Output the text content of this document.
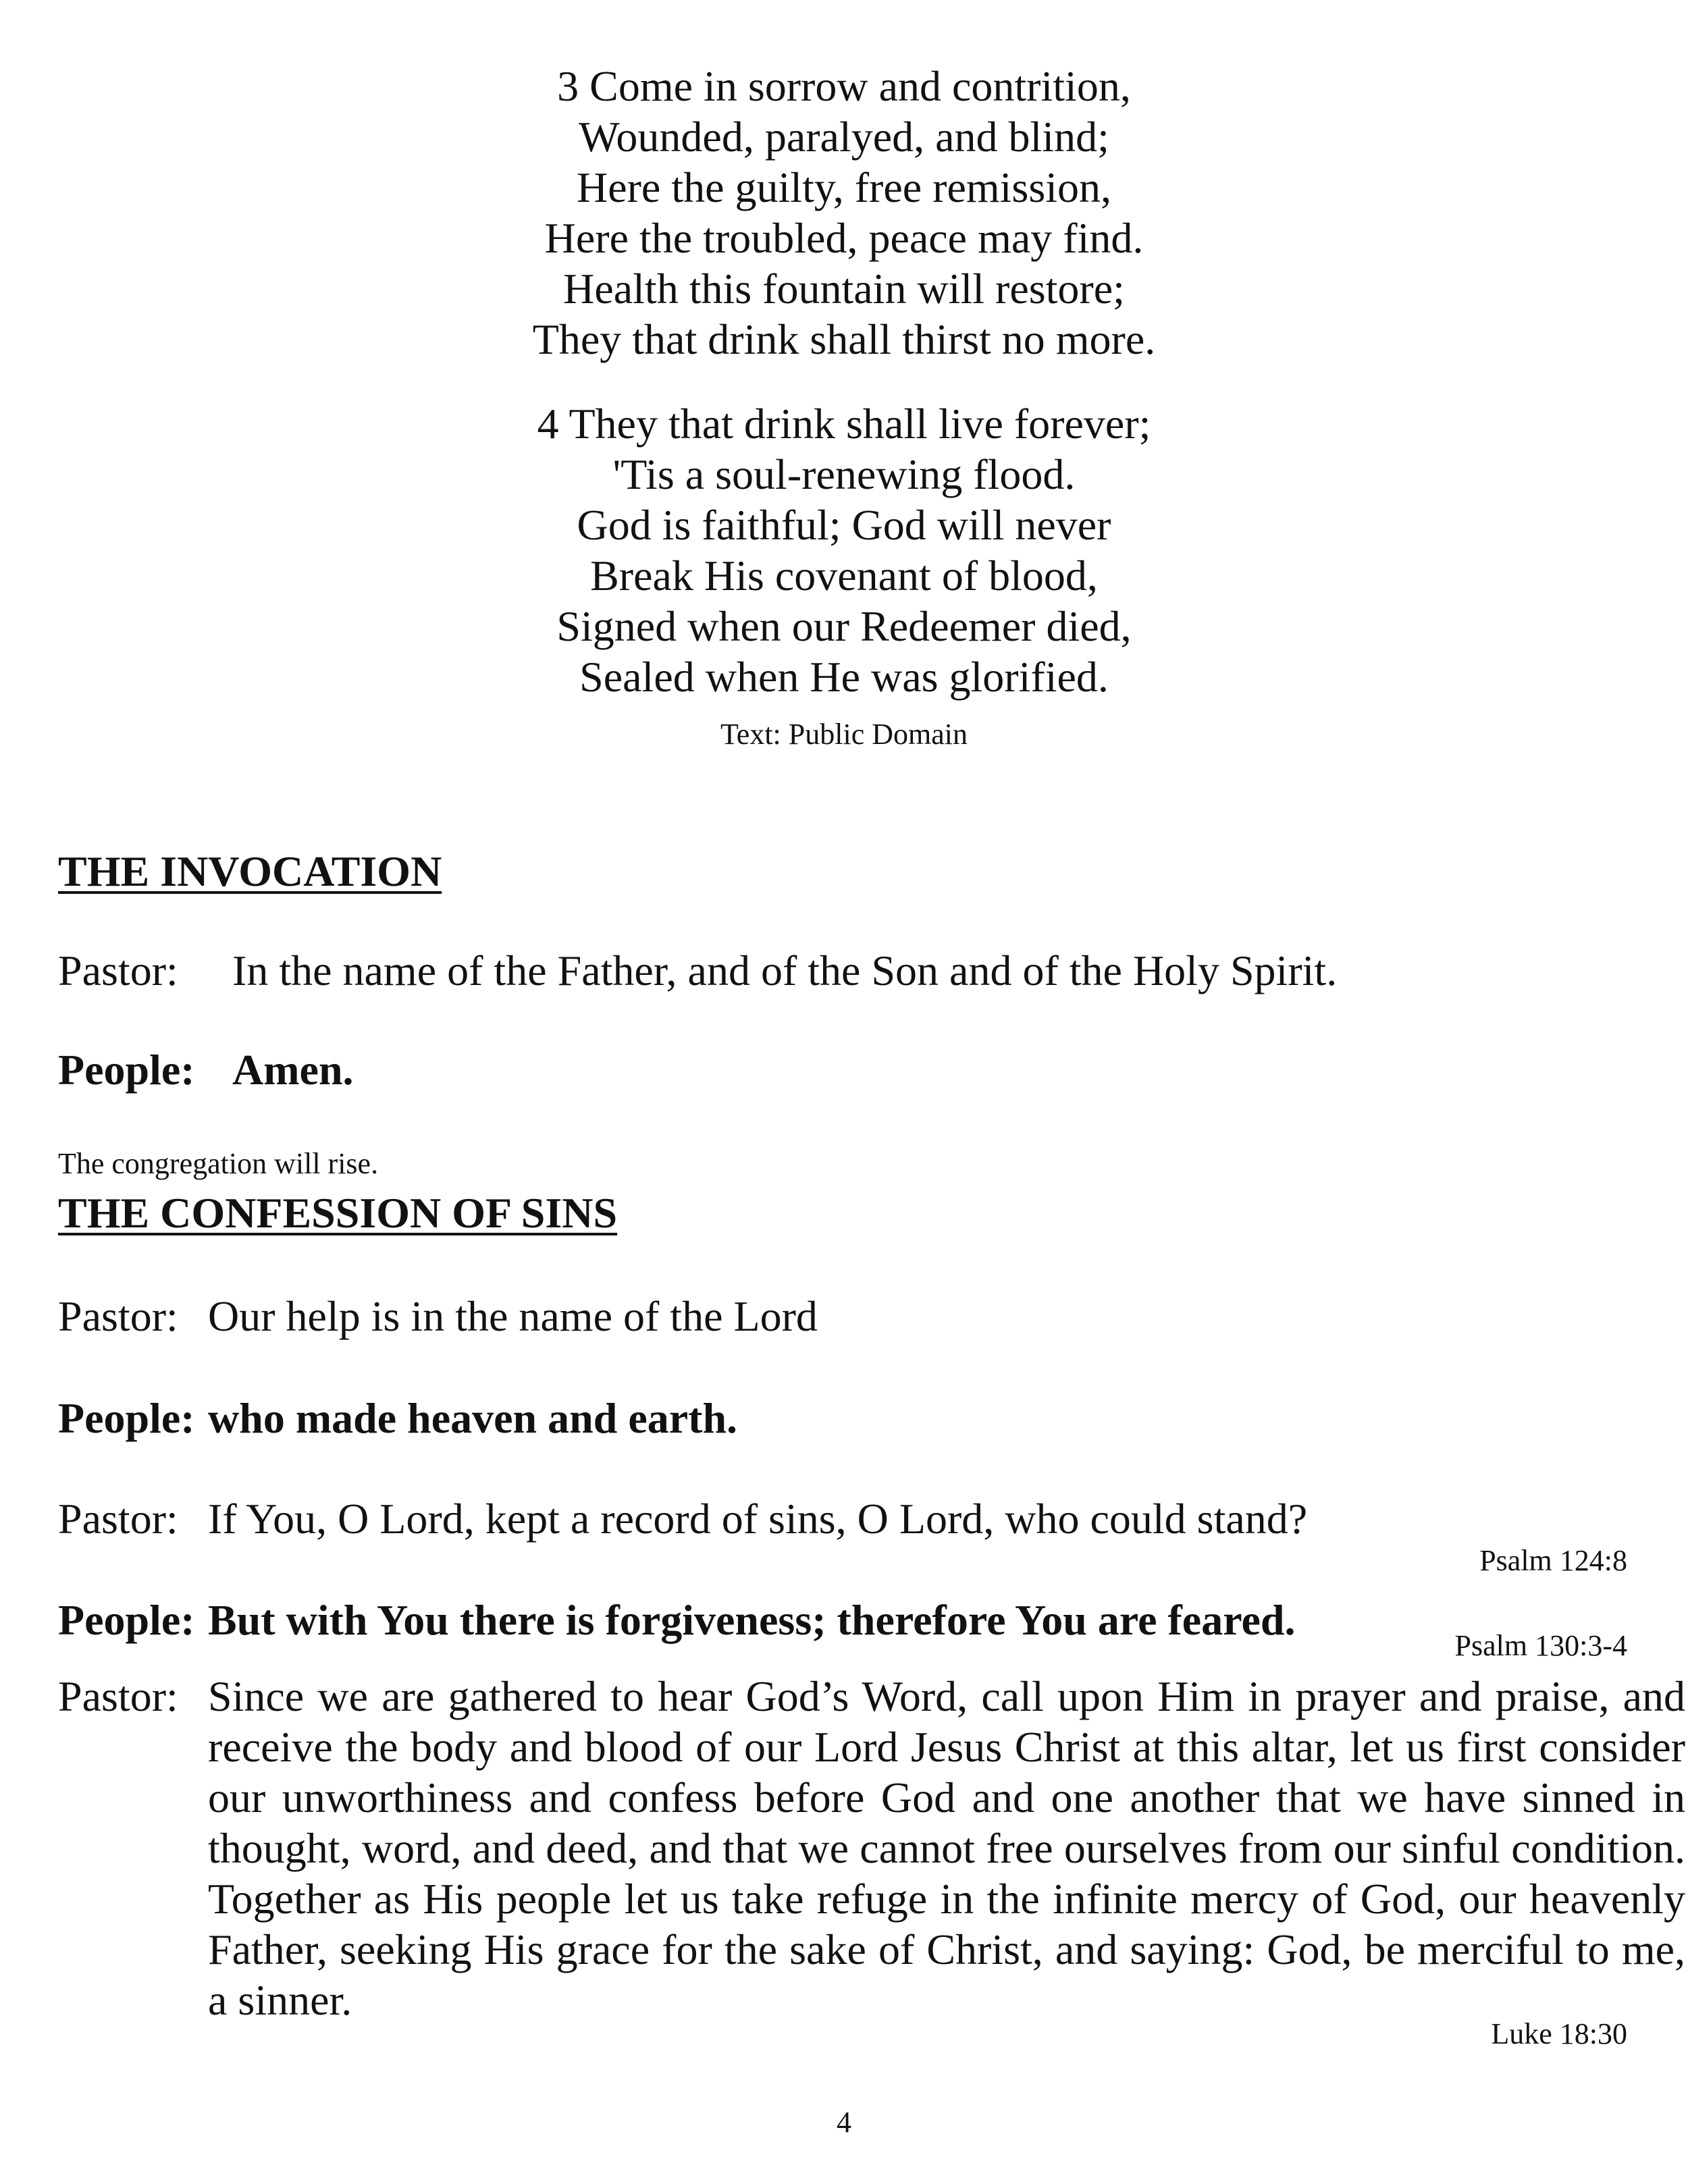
3 Come in sorrow and contrition,
Wounded, paralyed, and blind;
Here the guilty, free remission,
Here the troubled, peace may find.
Health this fountain will restore;
They that drink shall thirst no more.
4 They that drink shall live forever;
'Tis a soul-renewing flood.
God is faithful; God will never
Break His covenant of blood,
Signed when our Redeemer died,
Sealed when He was glorified.
Text: Public Domain
THE INVOCATION
Pastor: In the name of the Father, and of the Son and of the Holy Spirit.
People: Amen.
The congregation will rise.
THE CONFESSION OF SINS
Pastor: Our help is in the name of the Lord
People: who made heaven and earth.
Pastor: If You, O Lord, kept a record of sins, O Lord, who could stand?
Psalm 124:8
People: But with You there is forgiveness; therefore You are feared.
Psalm 130:3-4
Pastor: Since we are gathered to hear God’s Word, call upon Him in prayer and praise, and receive the body and blood of our Lord Jesus Christ at this altar, let us first consider our unworthiness and confess before God and one another that we have sinned in thought, word, and deed, and that we cannot free ourselves from our sinful condition. Together as His people let us take refuge in the infinite mercy of God, our heavenly Father, seeking His grace for the sake of Christ, and saying: God, be merciful to me, a sinner.
Luke 18:30
4
